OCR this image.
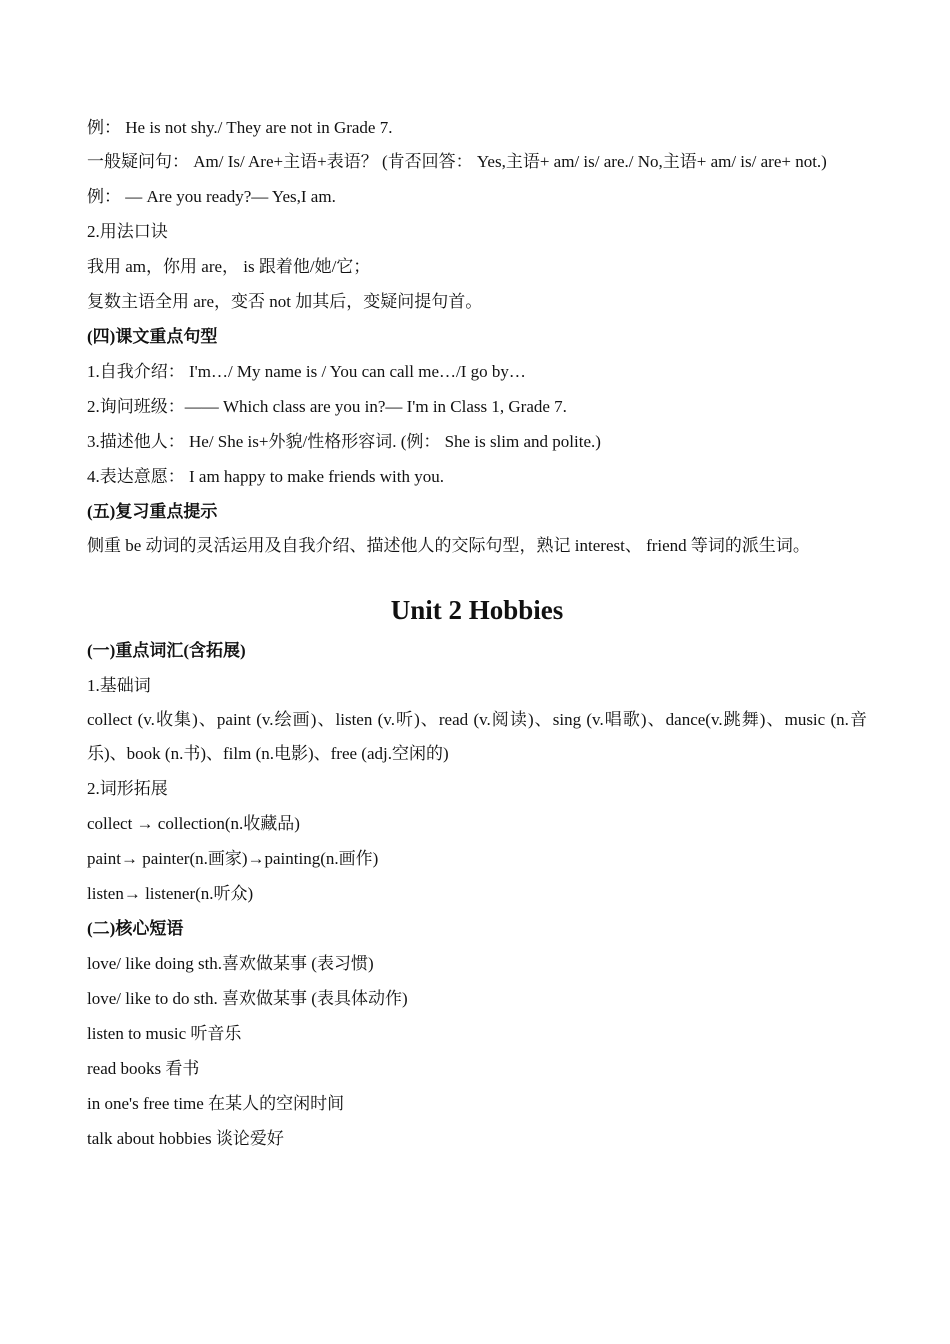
例： He is not shy./ They are not in Grade 7.
一般疑问句： Am/ Is/ Are+主语+表语？ (肯否回答： Yes,主语+ am/ is/ are./ No,主语+ am/ is/ are+ not.)
例： — Are you ready?— Yes,I am.
2.用法口诀
我用 am，你用 are， is 跟着他/她/它；
复数主语全用 are，变否 not 加其后，变疑问提句首。
(四)课文重点句型
1.自我介绍： I'm…/ My name is / You can call me…/I go by…
2.询问班级：—— Which class are you in?— I'm in Class 1, Grade 7.
3.描述他人： He/ She is+外貌/性格形容词. (例： She is slim and polite.)
4.表达意愿： I am happy to make friends with you.
(五)复习重点提示
侧重 be 动词的灵活运用及自我介绍、描述他人的交际句型，熟记 interest、 friend 等词的派生词。
Unit 2 Hobbies
(一)重点词汇(含拓展)
1.基础词
collect (v.收集)、paint (v.绘画)、listen (v.听)、read (v.阅读)、sing (v.唱歌)、dance(v.跳舞)、music (n.音乐)、book (n.书)、film (n.电影)、free (adj.空闲的)
2.词形拓展
collect → collection(n.收藏品)
paint→ painter(n.画家)→painting(n.画作)
listen→ listener(n.听众)
(二)核心短语
love/ like doing sth.喜欢做某事 (表习惯)
love/ like to do sth. 喜欢做某事 (表具体动作)
listen to music 听音乐
read books 看书
in one's free time 在某人的空闲时间
talk about hobbies 谈论爱好
